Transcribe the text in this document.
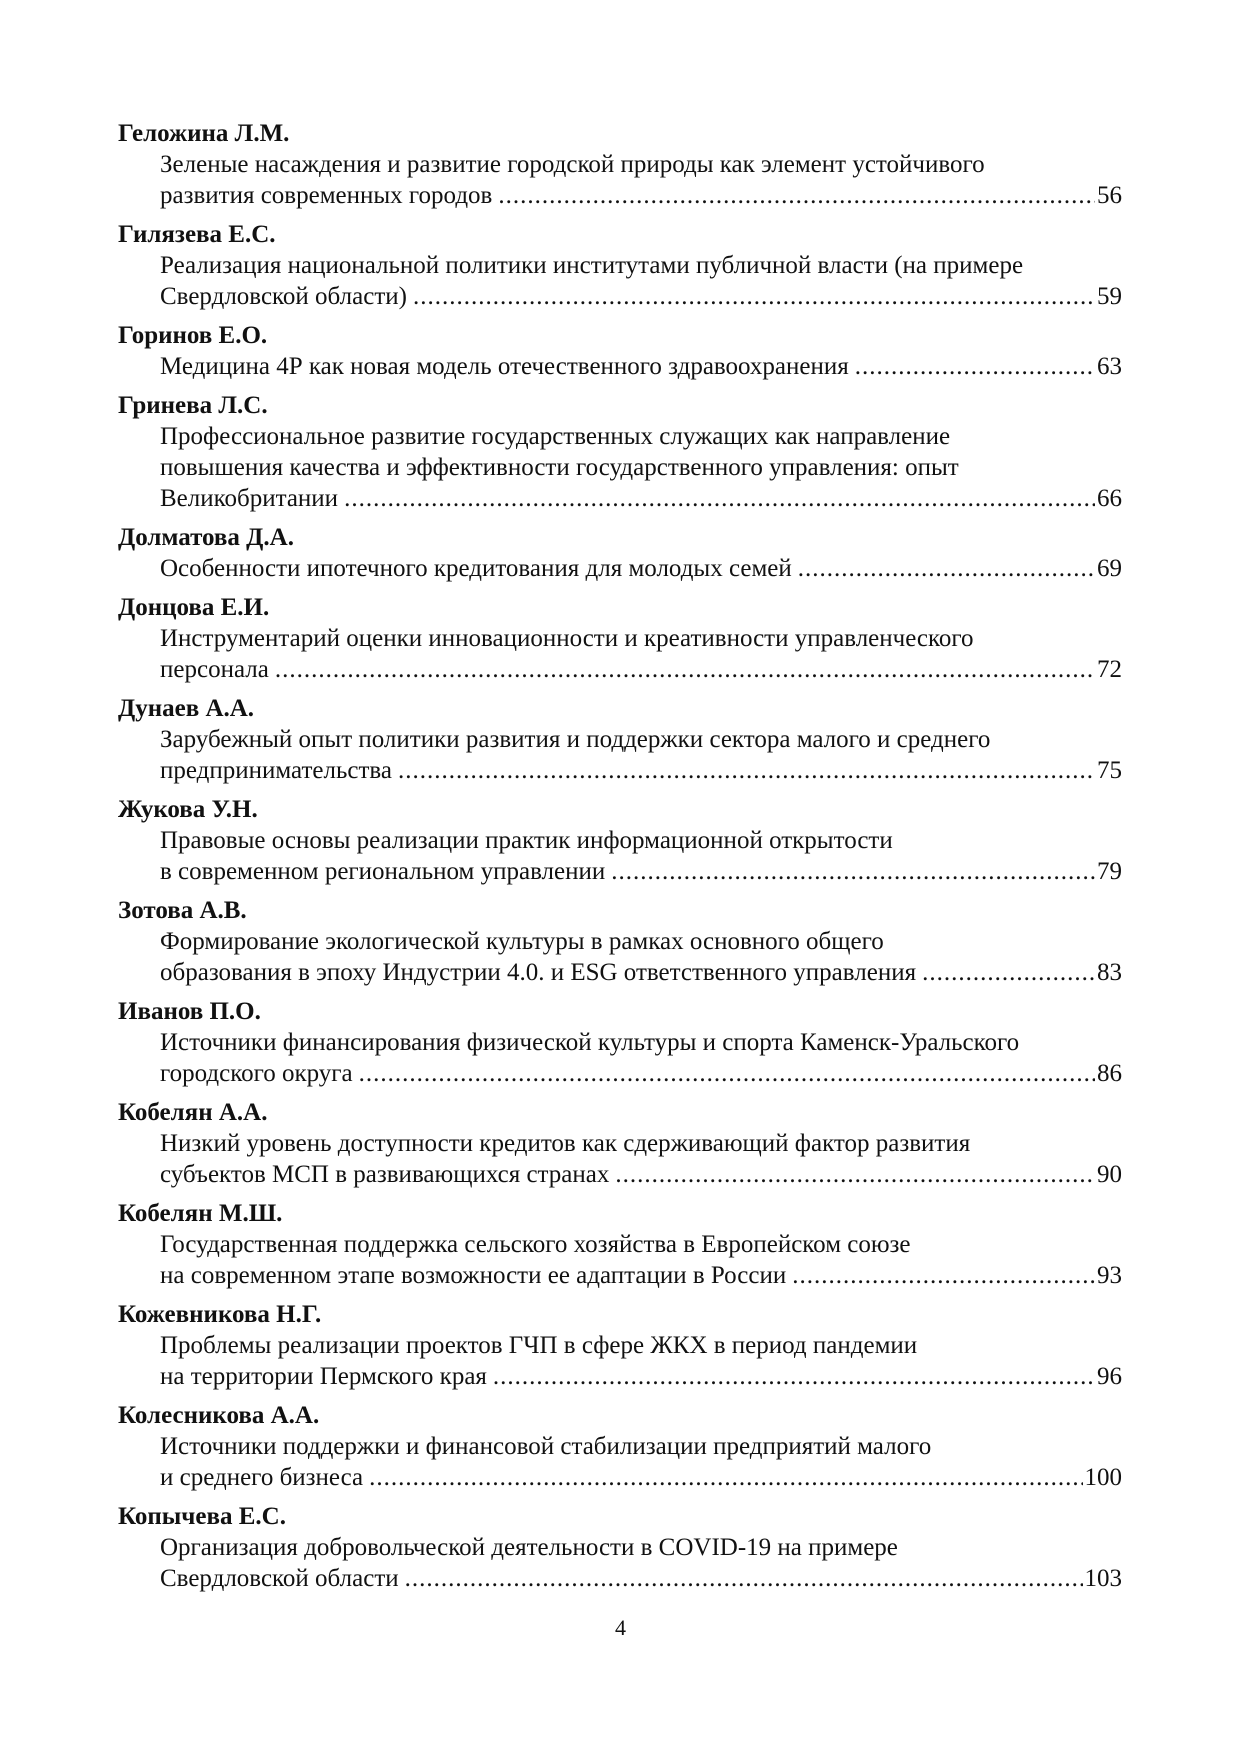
Геложина Л.М.
Зеленые насаждения и развитие городской природы как элемент устойчивого
развития современных городов .....	56
Гилязева Е.С.
Реализация национальной политики институтами публичной власти (на примере
Свердловской области) .....	59
Горинов Е.О.
Медицина 4Р как новая модель отечественного здравоохранения .....	63
Гринева Л.С.
Профессиональное развитие государственных служащих как направление
повышения качества и эффективности государственного управления: опыт
Великобритании .....	66
Долматова Д.А.
Особенности ипотечного кредитования для молодых семей .....	69
Донцова Е.И.
Инструментарий оценки инновационности и креативности управленческого
персонала .....	72
Дунаев А.А.
Зарубежный опыт политики развития и поддержки сектора малого и среднего
предпринимательства .....	75
Жукова У.Н.
Правовые основы реализации практик информационной открытости
в современном региональном управлении .....	79
Зотова А.В.
Формирование экологической культуры в рамках основного общего
образования в эпоху Индустрии 4.0. и ESG ответственного управления .....	83
Иванов П.О.
Источники финансирования физической культуры и спорта Каменск-Уральского
городского округа .....	86
Кобелян А.А.
Низкий уровень доступности кредитов как сдерживающий фактор развития
субъектов МСП в развивающихся странах .....	90
Кобелян М.Ш.
Государственная поддержка сельского хозяйства в Европейском союзе
на современном этапе возможности ее адаптации в России .....	93
Кожевникова Н.Г.
Проблемы реализации проектов ГЧП в сфере ЖКХ в период пандемии
на территории Пермского края .....	96
Колесникова А.А.
Источники поддержки и финансовой стабилизации предприятий малого
и среднего бизнеса .....	100
Копычева Е.С.
Организация добровольческой деятельности в COVID-19 на примере
Свердловской области .....	103
4
